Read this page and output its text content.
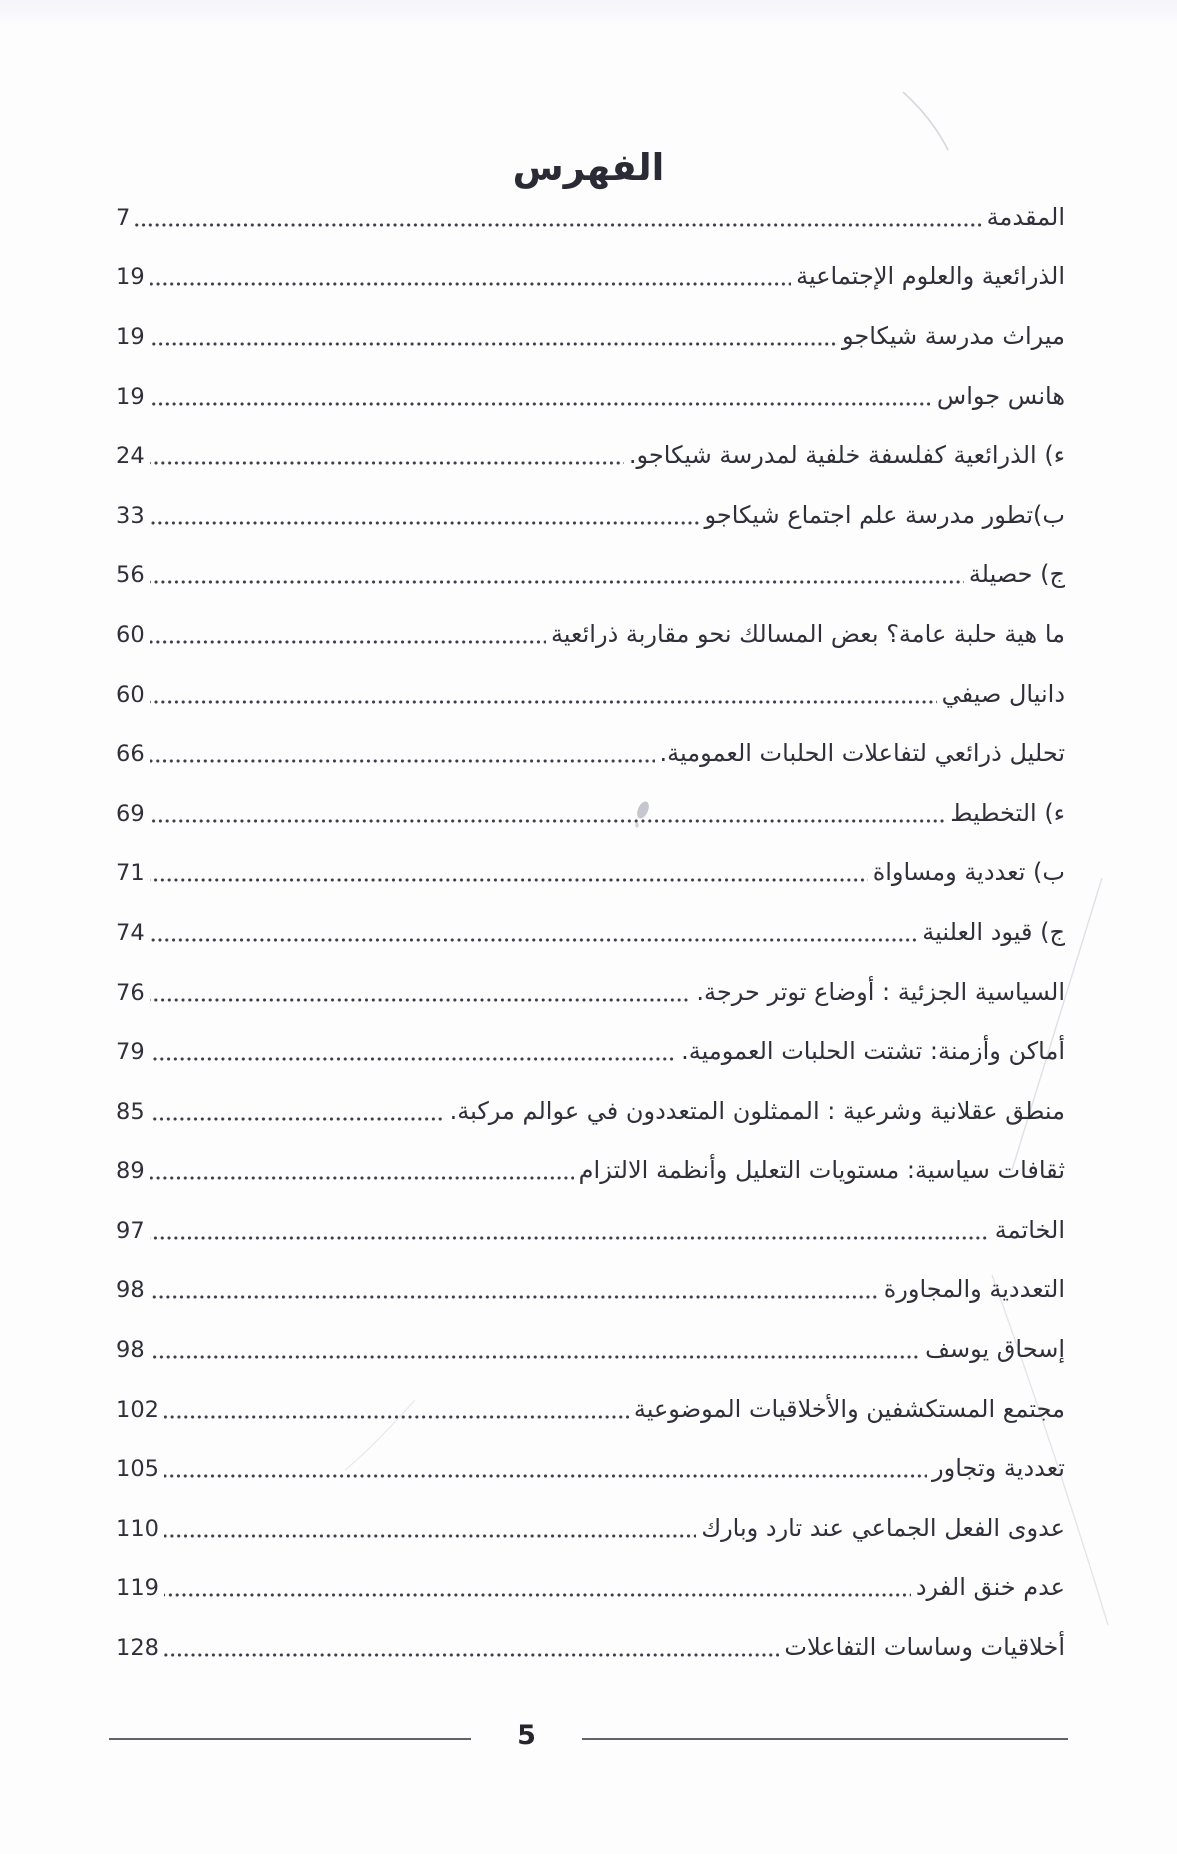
الفهرس
المقدمة
7
الذرائعية والعلوم الإجتماعية
19
ميراث مدرسة شيكاجو
19
هانس جواس
19
ء) الذرائعية كفلسفة خلفية لمدرسة شيكاجو.
24
ب)تطور مدرسة علم اجتماع شيكاجو
33
ج) حصيلة
56
ما هية حلبة عامة؟ بعض المسالك نحو مقاربة ذرائعية
60
دانيال صيفي
60
تحليل ذرائعي لتفاعلات الحلبات العمومية.
66
ء) التخطيط
69
ب) تعددية ومساواة
71
ج) قيود العلنية
74
السياسية الجزئية : أوضاع توتر حرجة.
76
أماكن وأزمنة: تشتت الحلبات العمومية.
79
منطق عقلانية وشرعية : الممثلون المتعددون في عوالم مركبة.
85
ثقافات سياسية: مستويات التعليل وأنظمة الالتزام
89
الخاتمة
97
التعددية والمجاورة
98
إسحاق يوسف
98
مجتمع المستكشفين والأخلاقيات الموضوعية
102
تعددية وتجاور
105
عدوى الفعل الجماعي عند تارد وبارك
110
عدم خنق الفرد
119
أخلاقيات وساسات التفاعلات
128
5
